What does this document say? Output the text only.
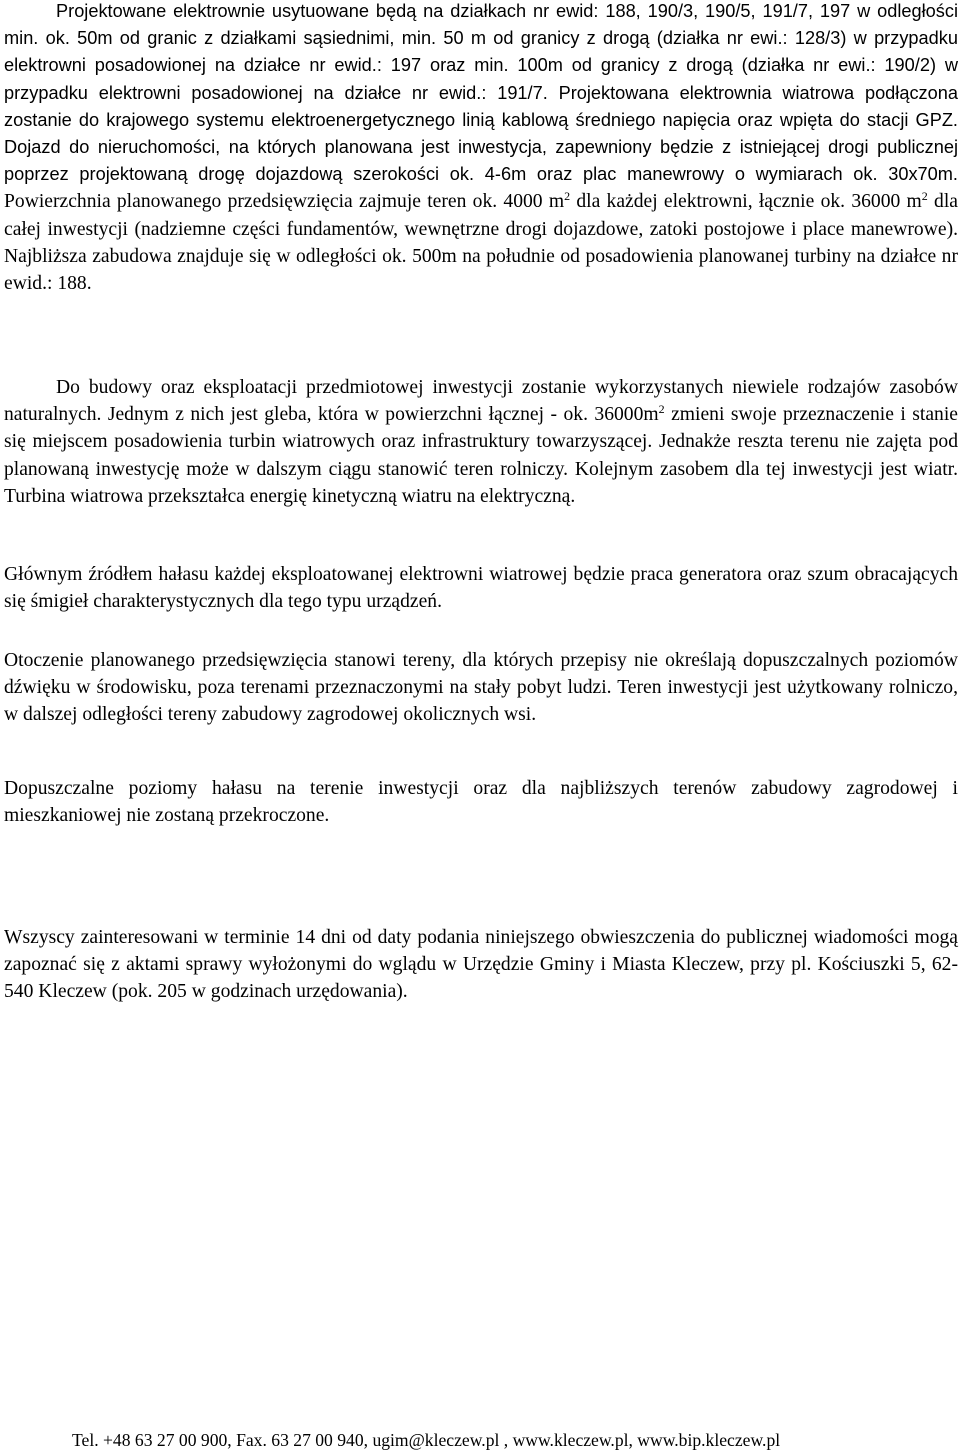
Projektowane elektrownie usytuowane będą na działkach nr ewid: 188, 190/3, 190/5, 191/7, 197 w odległości min. ok. 50m od granic z działkami sąsiednimi, min. 50 m od granicy z drogą (działka nr ewi.: 128/3) w przypadku elektrowni posadowionej na działce nr ewid.: 197 oraz min. 100m od granicy z drogą (działka nr ewi.: 190/2) w przypadku elektrowni posadowionej na działce nr ewid.: 191/7. Projektowana elektrownia wiatrowa podłączona zostanie do krajowego systemu elektroenergetycznego linią kablową średniego napięcia oraz wpięta do stacji GPZ. Dojazd do nieruchomości, na których planowana jest inwestycja, zapewniony będzie z istniejącej drogi publicznej poprzez projektowaną drogę dojazdową szerokości ok. 4-6m oraz plac manewrowy o wymiarach ok. 30x70m. Powierzchnia planowanego przedsięwzięcia zajmuje teren ok. 4000 $m^2$ dla każdej elektrowni, łącznie ok. 36000 $m^2$ dla całej inwestycji (nadziemne części fundamentów, wewnętrzne drogi dojazdowe, zatoki postojowe i place manewrowe). Najbliższa zabudowa znajduje się w odległości ok. 500m na południe od posadowienia planowanej turbiny na działce nr ewid.: 188.

Do budowy oraz eksploatacji przedmiotowej inwestycji zostanie wykorzystanych niewiele rodzajów zasobów naturalnych. Jednym z nich jest gleba, która w powierzchni łącznej - ok. $36000m^2$ zmieni swoje przeznaczenie i stanie się miejscem posadowienia turbin wiatrowych oraz infrastruktury towarzyszącej. Jednakże reszta terenu nie zajęta pod planowaną inwestycję może w dalszym ciągu stanowić teren rolniczy. Kolejnym zasobem dla tej inwestycji jest wiatr. Turbina wiatrowa przekształca energię kinetyczną wiatru na elektryczną.

Głównym źródłem hałasu każdej eksploatowanej elektrowni wiatrowej będzie praca generatora oraz szum obracających się śmigieł charakterystycznych dla tego typu urządzeń.

Otoczenie planowanego przedsięwzięcia stanowi tereny, dla których przepisy nie określają dopuszczalnych poziomów dźwięku w środowisku, poza terenami przeznaczonymi na stały pobyt ludzi. Teren inwestycji jest użytkowany rolniczo, w dalszej odległości tereny zabudowy zagrodowej okolicznych wsi.

Dopuszczalne poziomy hałasu na terenie inwestycji oraz dla najbliższych terenów zabudowy zagrodowej i mieszkaniowej nie zostaną przekroczone.

Wszyscy zainteresowani w terminie 14 dni od daty podania niniejszego obwieszczenia do publicznej wiadomości mogą zapoznać się z aktami sprawy wyłożonymi do wglądu w Urzędzie Gminy i Miasta Kleczew, przy pl. Kościuszki 5, 62-540 Kleczew (pok. 205 w godzinach urzędowania).

Tel. +48 63 27 00 900, Fax. 63 27 00 940, ugim@kleczew.pl , www.kleczew.pl, www.bip.kleczew.pl
